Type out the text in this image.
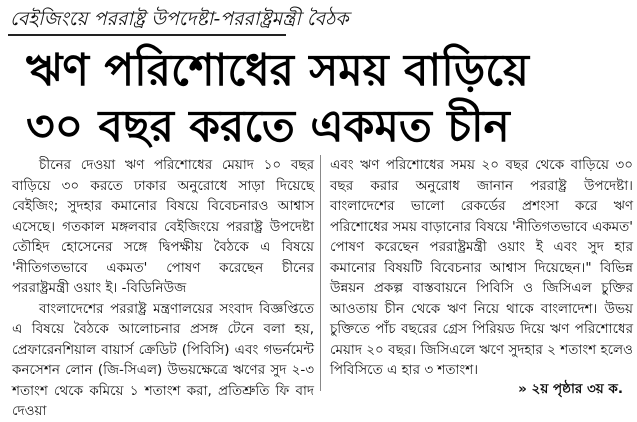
বেইজিংয়ে পররাষ্ট্র উপদেষ্টা-পররাষ্ট্রমন্ত্রী বৈঠক
ঋণ পরিশোধের সময় বাড়িয়ে
৩০ বছর করতে একমত চীন

চীনের দেওয়া ঋণ পরিশোধের মেয়াদ ১০ বছর বাড়িয়ে ৩০ করতে ঢাকার অনুরোধে সাড়া দিয়েছে বেইজিং; সুদহার কমানোর বিষয়ে বিবেচনারও আশ্বাস এসেছে। গতকাল মঙ্গলবার বেইজিংয়ে পররাষ্ট্র উপদেষ্টা তৌহিদ হোসেনের সঙ্গে দ্বিপক্ষীয় বৈঠকে এ বিষয়ে 'নীতিগতভাবে একমত' পোষণ করেছেন চীনের পররাষ্ট্রমন্ত্রী ওয়াং ই। -বিডিনিউজ

বাংলাদেশের পররাষ্ট্র মন্ত্রণালয়ের সংবাদ বিজ্ঞপ্তিতে এ বিষয়ে বৈঠকে আলোচনার প্রসঙ্গ টেনে বলা হয়, প্রেফারেনশিয়াল বায়ার্স ক্রেডিট (পিবিসি) এবং গভর্নমেন্ট কনসেশন লোন (জি-সিএল) উভয়ক্ষেত্রে ঋণের সুদ ২-৩ শতাংশ থেকে কমিয়ে ১ শতাংশ করা, প্রতিশ্রুতি ফি বাদ দেওয়া

এবং ঋণ পরিশোধের সময় ২০ বছর থেকে বাড়িয়ে ৩০ বছর করার অনুরোধ জানান পররাষ্ট্র উপদেষ্টা। বাংলাদেশের ভালো রেকর্ডের প্রশংসা করে ঋণ পরিশোধের সময় বাড়ানোর বিষয়ে 'নীতিগতভাবে একমত' পোষণ করেছেন পররাষ্ট্রমন্ত্রী ওয়াং ই এবং সুদ হার কমানোর বিষয়টি বিবেচনার আশ্বাস দিয়েছেন।" বিভিন্ন উন্নয়ন প্রকল্প বাস্তবায়নে পিবিসি ও জিসিএল চুক্তির আওতায় চীন থেকে ঋণ নিয়ে থাকে বাংলাদেশ। উভয় চুক্তিতে পাঁচ বছরের গ্রেস পিরিয়ড দিয়ে ঋণ পরিশোধের মেয়াদ ২০ বছর। জিসিএলে ঋণে সুদহার ২ শতাংশ হলেও পিবিসিতে এ হার ৩ শতাংশ।

» ২য় পৃষ্ঠার ৩য় ক.
